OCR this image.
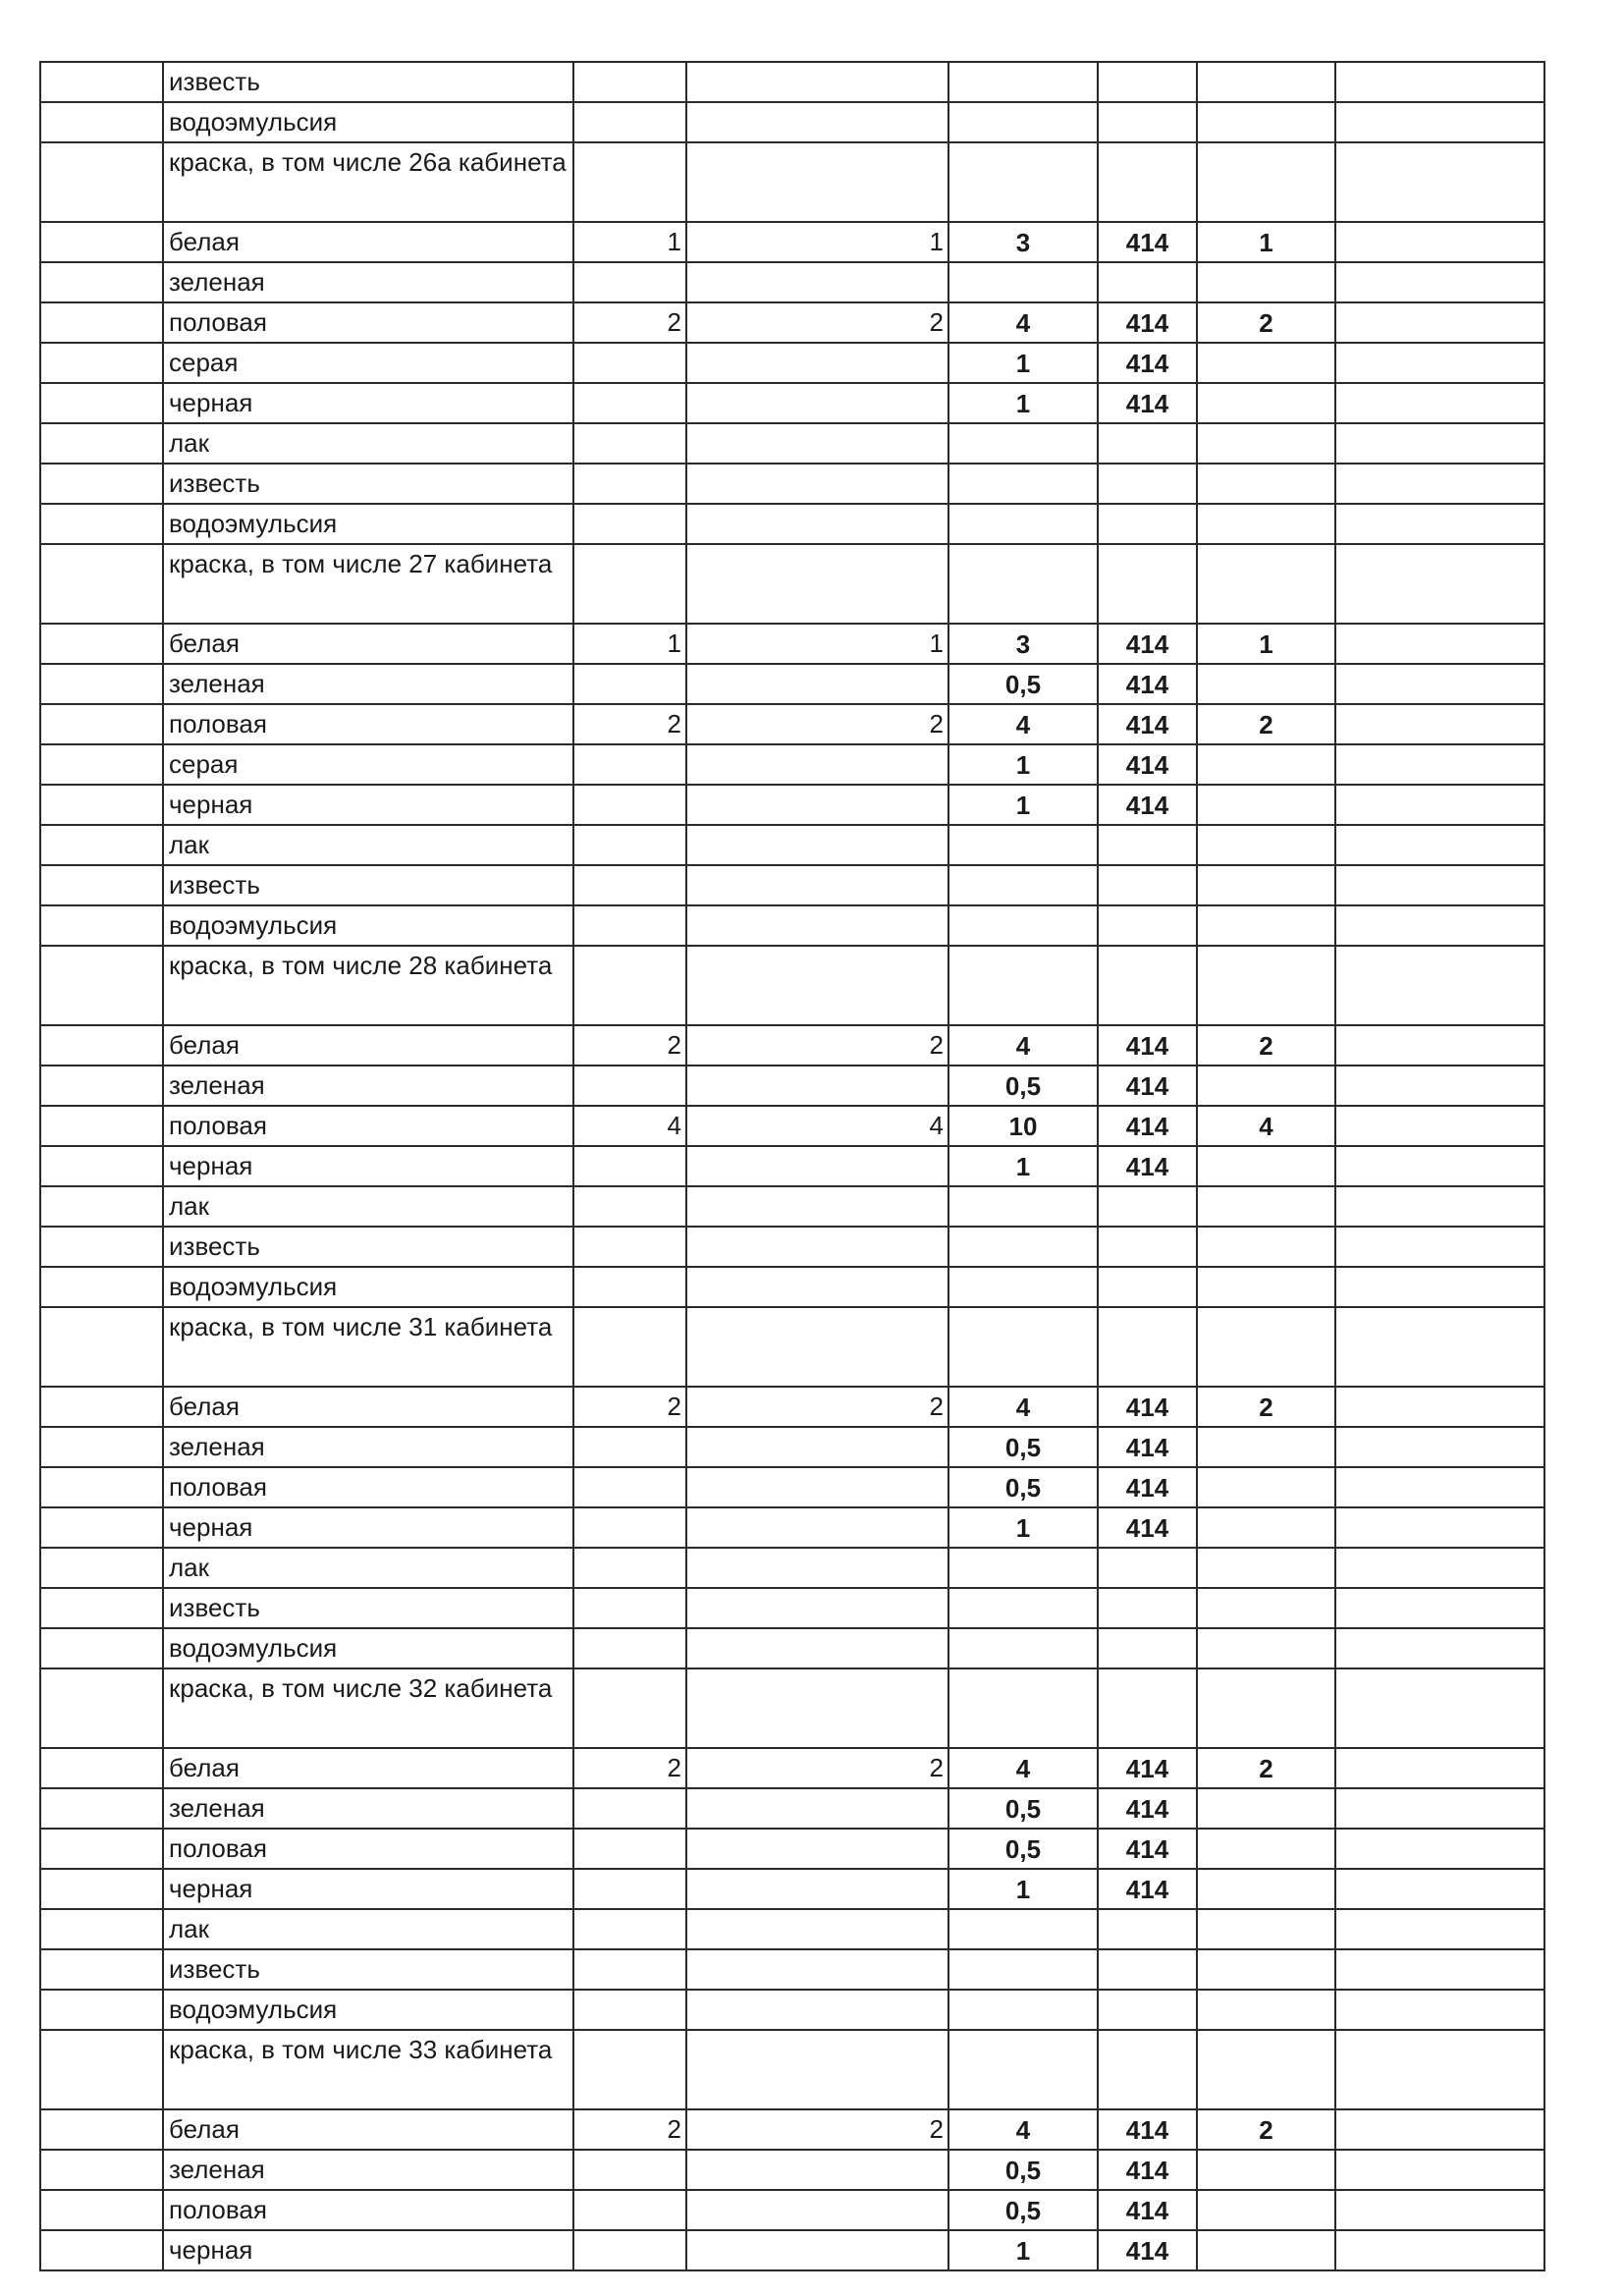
	известь						
	водоэмульсия						
	краска, в том числе 26а кабинета						
	белая	1	1	3	414	1	
	зеленая						
	половая	2	2	4	414	2	
	серая			1	414		
	черная			1	414		
	лак						
	известь						
	водоэмульсия						
	краска, в том числе 27 кабинета						
	белая	1	1	3	414	1	
	зеленая			0,5	414		
	половая	2	2	4	414	2	
	серая			1	414		
	черная			1	414		
	лак						
	известь						
	водоэмульсия						
	краска, в том числе 28 кабинета						
	белая	2	2	4	414	2	
	зеленая			0,5	414		
	половая	4	4	10	414	4	
	черная			1	414		
	лак						
	известь						
	водоэмульсия						
	краска, в том числе 31 кабинета						
	белая	2	2	4	414	2	
	зеленая			0,5	414		
	половая			0,5	414		
	черная			1	414		
	лак						
	известь						
	водоэмульсия						
	краска, в том числе 32 кабинета						
	белая	2	2	4	414	2	
	зеленая			0,5	414		
	половая			0,5	414		
	черная			1	414		
	лак						
	известь						
	водоэмульсия						
	краска, в том числе 33 кабинета						
	белая	2	2	4	414	2	
	зеленая			0,5	414		
	половая			0,5	414		
	черная			1	414		
